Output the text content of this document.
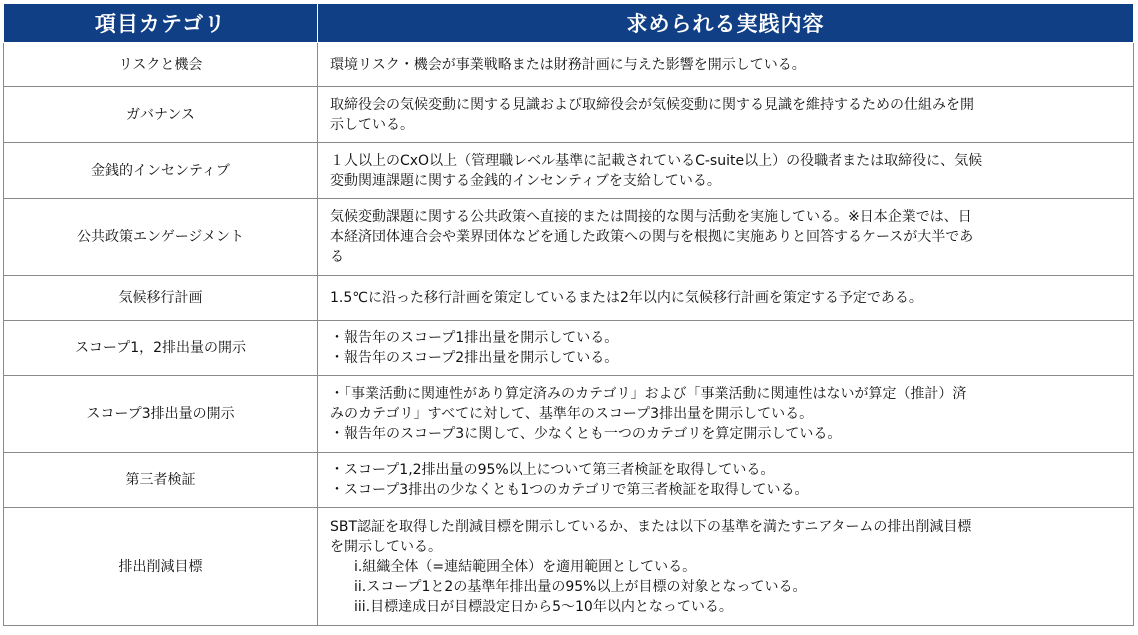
項目カテゴリ	求められる実践内容
リスクと機会	環境リスク・機会が事業戦略または財務計画に与えた影響を開示している。

ガバナンス	取締役会の気候変動に関する見識および取締役会が気候変動に関する見識を維持するための仕組みを開
示している。

金銭的インセンティブ	１人以上のCxO以上（管理職レベル基準に記載されているC-suite以上）の役職者または取締役に、気候
変動関連課題に関する金銭的インセンティブを支給している。

公共政策エンゲージメント	気候変動課題に関する公共政策へ直接的または間接的な関与活動を実施している。※日本企業では、日
本経済団体連合会や業界団体などを通した政策への関与を根拠に実施ありと回答するケースが大半であ
る

気候移行計画	1.5℃に沿った移行計画を策定しているまたは2年以内に気候移行計画を策定する予定である。

スコープ1，2排出量の開示	・報告年のスコープ1排出量を開示している。
・報告年のスコープ2排出量を開示している。

スコープ3排出量の開示	・「事業活動に関連性があり算定済みのカテゴリ」および「事業活動に関連性はないが算定（推計）済
みのカテゴリ」すべてに対して、基準年のスコープ3排出量を開示している。
・報告年のスコープ3に関して、少なくとも一つのカテゴリを算定開示している。

第三者検証	・スコープ1,2排出量の95%以上について第三者検証を取得している。
・スコープ3排出の少なくとも1つのカテゴリで第三者検証を取得している。

排出削減目標	SBT認証を取得した削減目標を開示しているか、または以下の基準を満たすニアタームの排出削減目標
を開示している。
i.組織全体（=連結範囲全体）を適用範囲としている。
ii.スコープ1と2の基準年排出量の95%以上が目標の対象となっている。
iii.目標達成日が目標設定日から5〜10年以内となっている。
